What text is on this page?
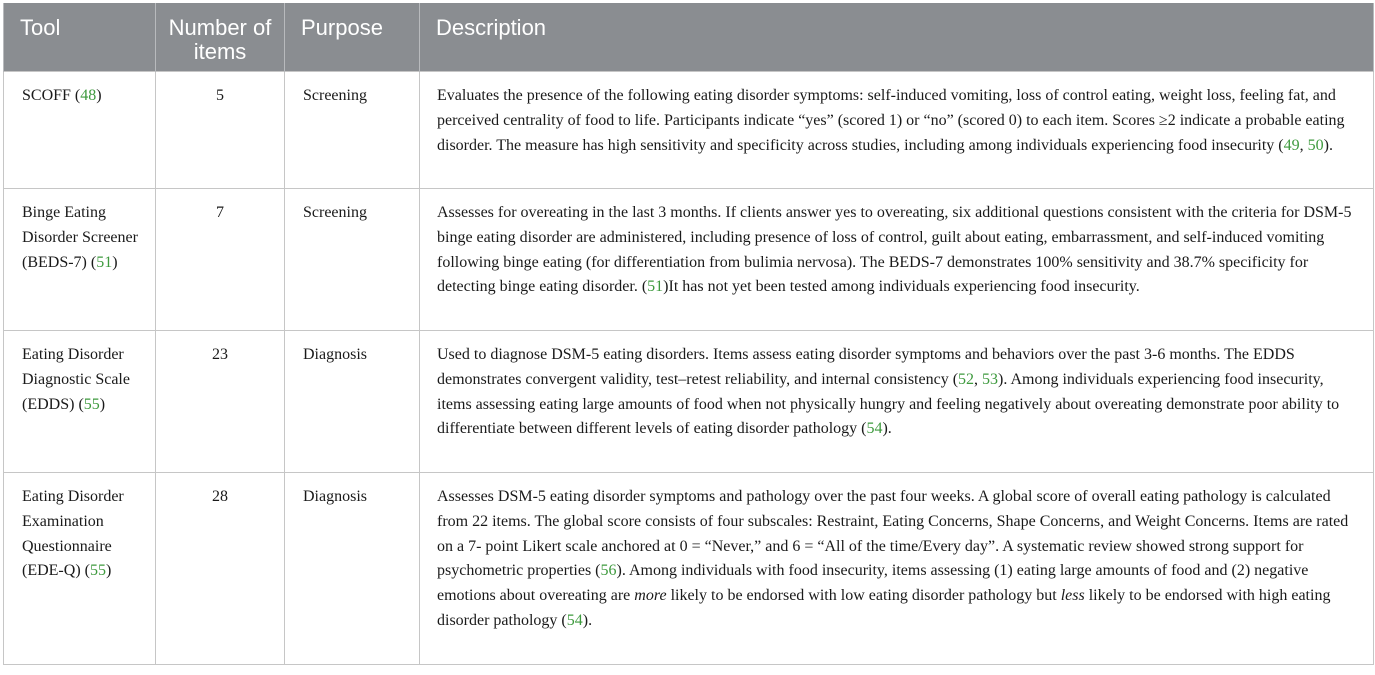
Tool	Number of items	Purpose	Description
SCOFF (48)	5	Screening	Evaluates the presence of the following eating disorder symptoms: self-induced vomiting, loss of control eating, weight loss, feeling fat, and perceived centrality of food to life. Participants indicate “yes” (scored 1) or “no” (scored 0) to each item. Scores ≥2 indicate a probable eating disorder. The measure has high sensitivity and specificity across studies, including among individuals experiencing food insecurity (49, 50).
Binge Eating Disorder Screener (BEDS-7) (51)	7	Screening	Assesses for overeating in the last 3 months. If clients answer yes to overeating, six additional questions consistent with the criteria for DSM-5 binge eating disorder are administered, including presence of loss of control, guilt about eating, embarrassment, and self-induced vomiting following binge eating (for differentiation from bulimia nervosa). The BEDS-7 demonstrates 100% sensitivity and 38.7% specificity for detecting binge eating disorder. (51)It has not yet been tested among individuals experiencing food insecurity.
Eating Disorder Diagnostic Scale (EDDS) (55)	23	Diagnosis	Used to diagnose DSM-5 eating disorders. Items assess eating disorder symptoms and behaviors over the past 3-6 months. The EDDS demonstrates convergent validity, test–retest reliability, and internal consistency (52, 53). Among individuals experiencing food insecurity, items assessing eating large amounts of food when not physically hungry and feeling negatively about overeating demonstrate poor ability to differentiate between different levels of eating disorder pathology (54).
Eating Disorder Examination Questionnaire (EDE-Q) (55)	28	Diagnosis	Assesses DSM-5 eating disorder symptoms and pathology over the past four weeks. A global score of overall eating pathology is calculated from 22 items. The global score consists of four subscales: Restraint, Eating Concerns, Shape Concerns, and Weight Concerns. Items are rated on a 7- point Likert scale anchored at 0 = “Never,” and 6 = “All of the time/Every day”. A systematic review showed strong support for psychometric properties (56). Among individuals with food insecurity, items assessing (1) eating large amounts of food and (2) negative emotions about overeating are more likely to be endorsed with low eating disorder pathology but less likely to be endorsed with high eating disorder pathology (54).
